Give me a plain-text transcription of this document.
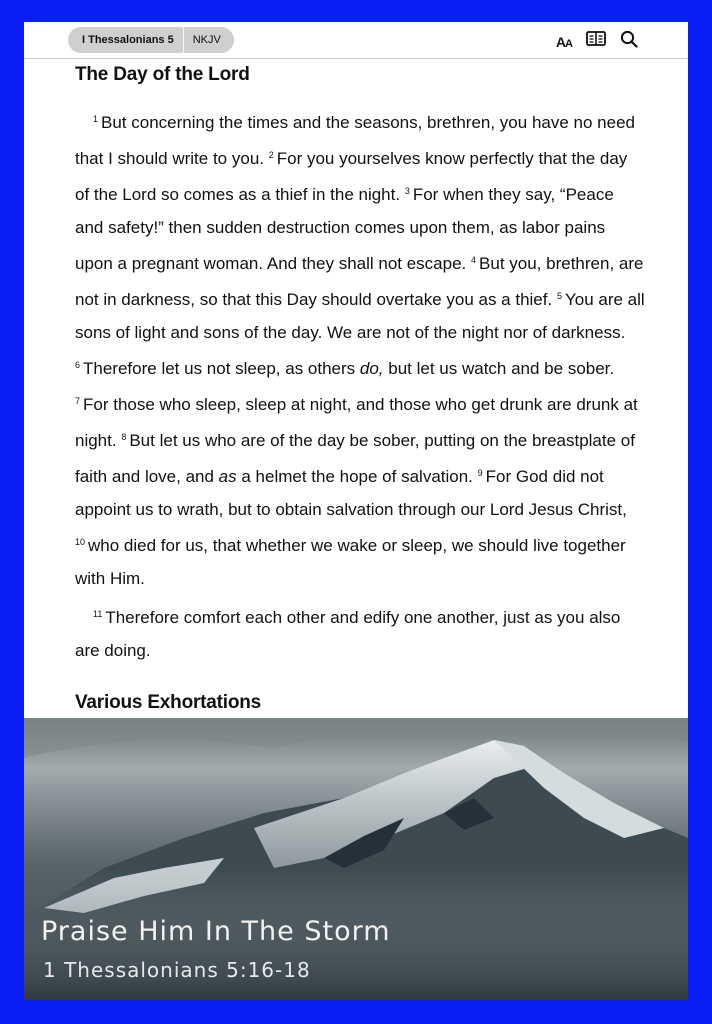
I Thessalonians 5	NKJV	AA
The Day of the Lord

$^1$ But concerning the times and the seasons, brethren, you have no need that I should write to you. $^2$ For you yourselves know perfectly that the day of the Lord so comes as a thief in the night. $^3$ For when they say, “Peace and safety!” then sudden destruction comes upon them, as labor pains upon a pregnant woman. And they shall not escape. $^4$ But you, brethren, are not in darkness, so that this Day should overtake you as a thief. $^5$ You are all sons of light and sons of the day. We are not of the night nor of darkness. $^6$ Therefore let us not sleep, as others do, but let us watch and be sober. $^7$ For those who sleep, sleep at night, and those who get drunk are drunk at night. $^8$ But let us who are of the day be sober, putting on the breastplate of faith and love, and as a helmet the hope of salvation. $^9$ For God did not appoint us to wrath, but to obtain salvation through our Lord Jesus Christ, $^{10}$ who died for us, that whether we wake or sleep, we should live together with Him.

$^{11}$ Therefore comfort each other and edify one another, just as you also are doing.

Various Exhortations
Praise Him In The Storm
1 Thessalonians 5:16-18
